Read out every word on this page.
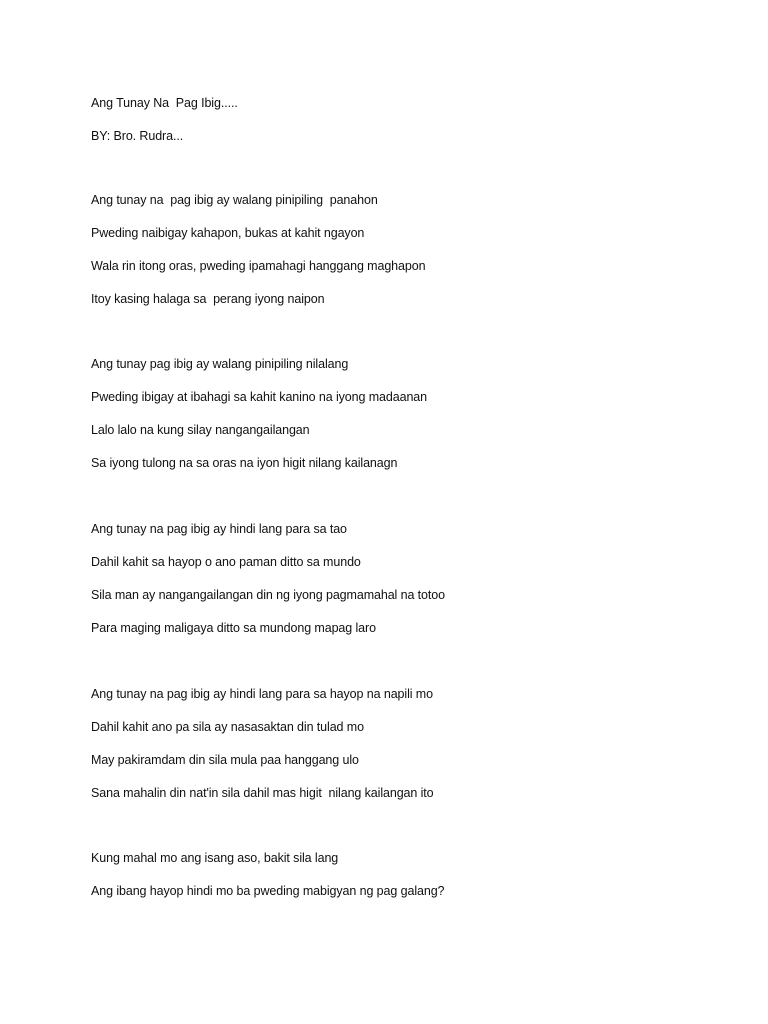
Ang Tunay Na  Pag Ibig.....
BY: Bro. Rudra...
Ang tunay na  pag ibig ay walang pinipiling  panahon
Pweding naibigay kahapon, bukas at kahit ngayon
Wala rin itong oras, pweding ipamahagi hanggang maghapon
Itoy kasing halaga sa  perang iyong naipon
Ang tunay pag ibig ay walang pinipiling nilalang
Pweding ibigay at ibahagi sa kahit kanino na iyong madaanan
Lalo lalo na kung silay nangangailangan
Sa iyong tulong na sa oras na iyon higit nilang kailanagn
Ang tunay na pag ibig ay hindi lang para sa tao
Dahil kahit sa hayop o ano paman ditto sa mundo
Sila man ay nangangailangan din ng iyong pagmamahal na totoo
Para maging maligaya ditto sa mundong mapag laro
Ang tunay na pag ibig ay hindi lang para sa hayop na napili mo
Dahil kahit ano pa sila ay nasasaktan din tulad mo
May pakiramdam din sila mula paa hanggang ulo
Sana mahalin din nat'in sila dahil mas higit  nilang kailangan ito
Kung mahal mo ang isang aso, bakit sila lang
Ang ibang hayop hindi mo ba pweding mabigyan ng pag galang?
